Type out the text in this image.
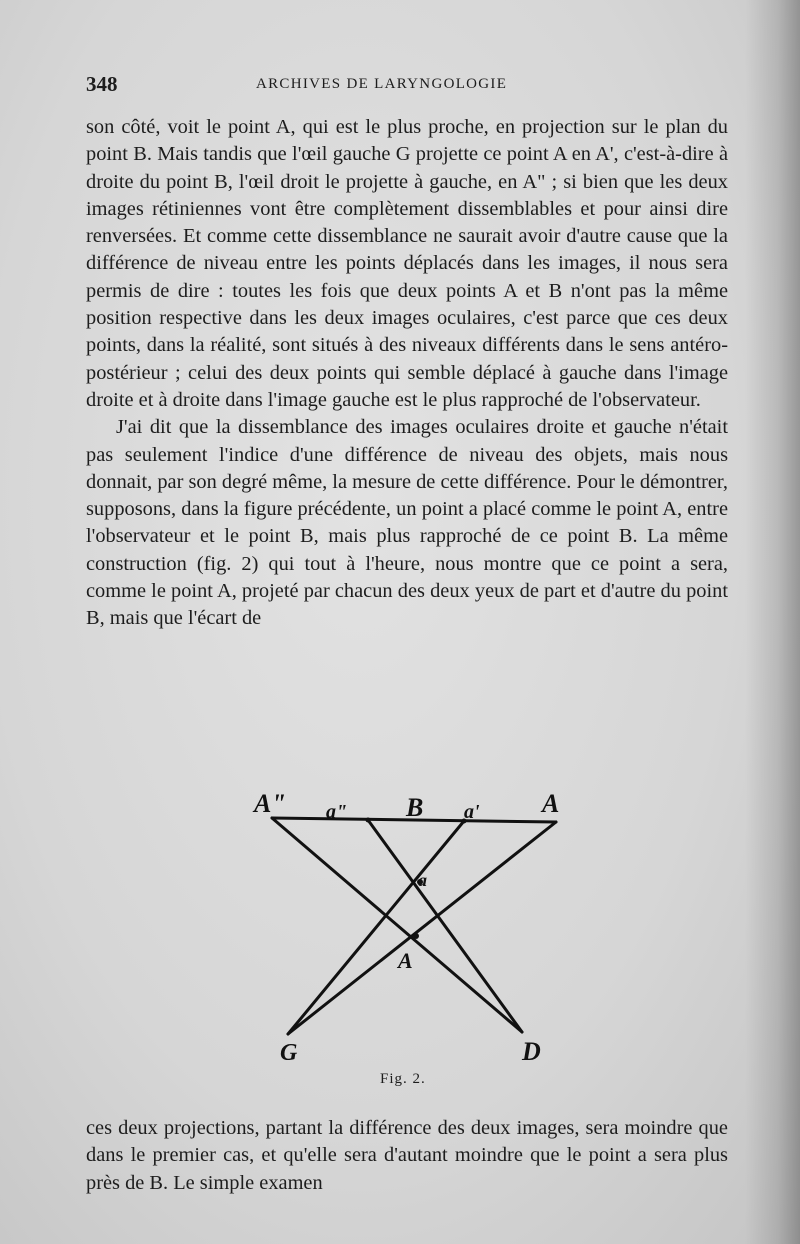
348	ARCHIVES DE LARYNGOLOGIE

son côté, voit le point A, qui est le plus proche, en projection sur le plan du point B. Mais tandis que l'œil gauche G projette ce point A en A', c'est-à-dire à droite du point B, l'œil droit le projette à gauche, en A" ; si bien que les deux images rétiniennes vont être complètement dissemblables et pour ainsi dire renversées. Et comme cette dissemblance ne saurait avoir d'autre cause que la différence de niveau entre les points déplacés dans les images, il nous sera permis de dire : toutes les fois que deux points A et B n'ont pas la même position respective dans les deux images oculaires, c'est parce que ces deux points, dans la réalité, sont situés à des niveaux différents dans le sens antéro-postérieur ; celui des deux points qui semble déplacé à gauche dans l'image droite et à droite dans l'image gauche est le plus rapproché de l'observateur.

J'ai dit que la dissemblance des images oculaires droite et gauche n'était pas seulement l'indice d'une différence de niveau des objets, mais nous donnait, par son degré même, la mesure de cette différence. Pour le démontrer, supposons, dans la figure précédente, un point a placé comme le point A, entre l'observateur et le point B, mais plus rapproché de ce point B. La même construction (fig. 2) qui tout à l'heure, nous montre que ce point a sera, comme le point A, projeté par chacun des deux yeux de part et d'autre du point B, mais que l'écart de

A" a" B a' A
a
A
G	D
Fig. 2.

ces deux projections, partant la différence des deux images, sera moindre que dans le premier cas, et qu'elle sera d'autant moindre que le point a sera plus près de B. Le simple examen
